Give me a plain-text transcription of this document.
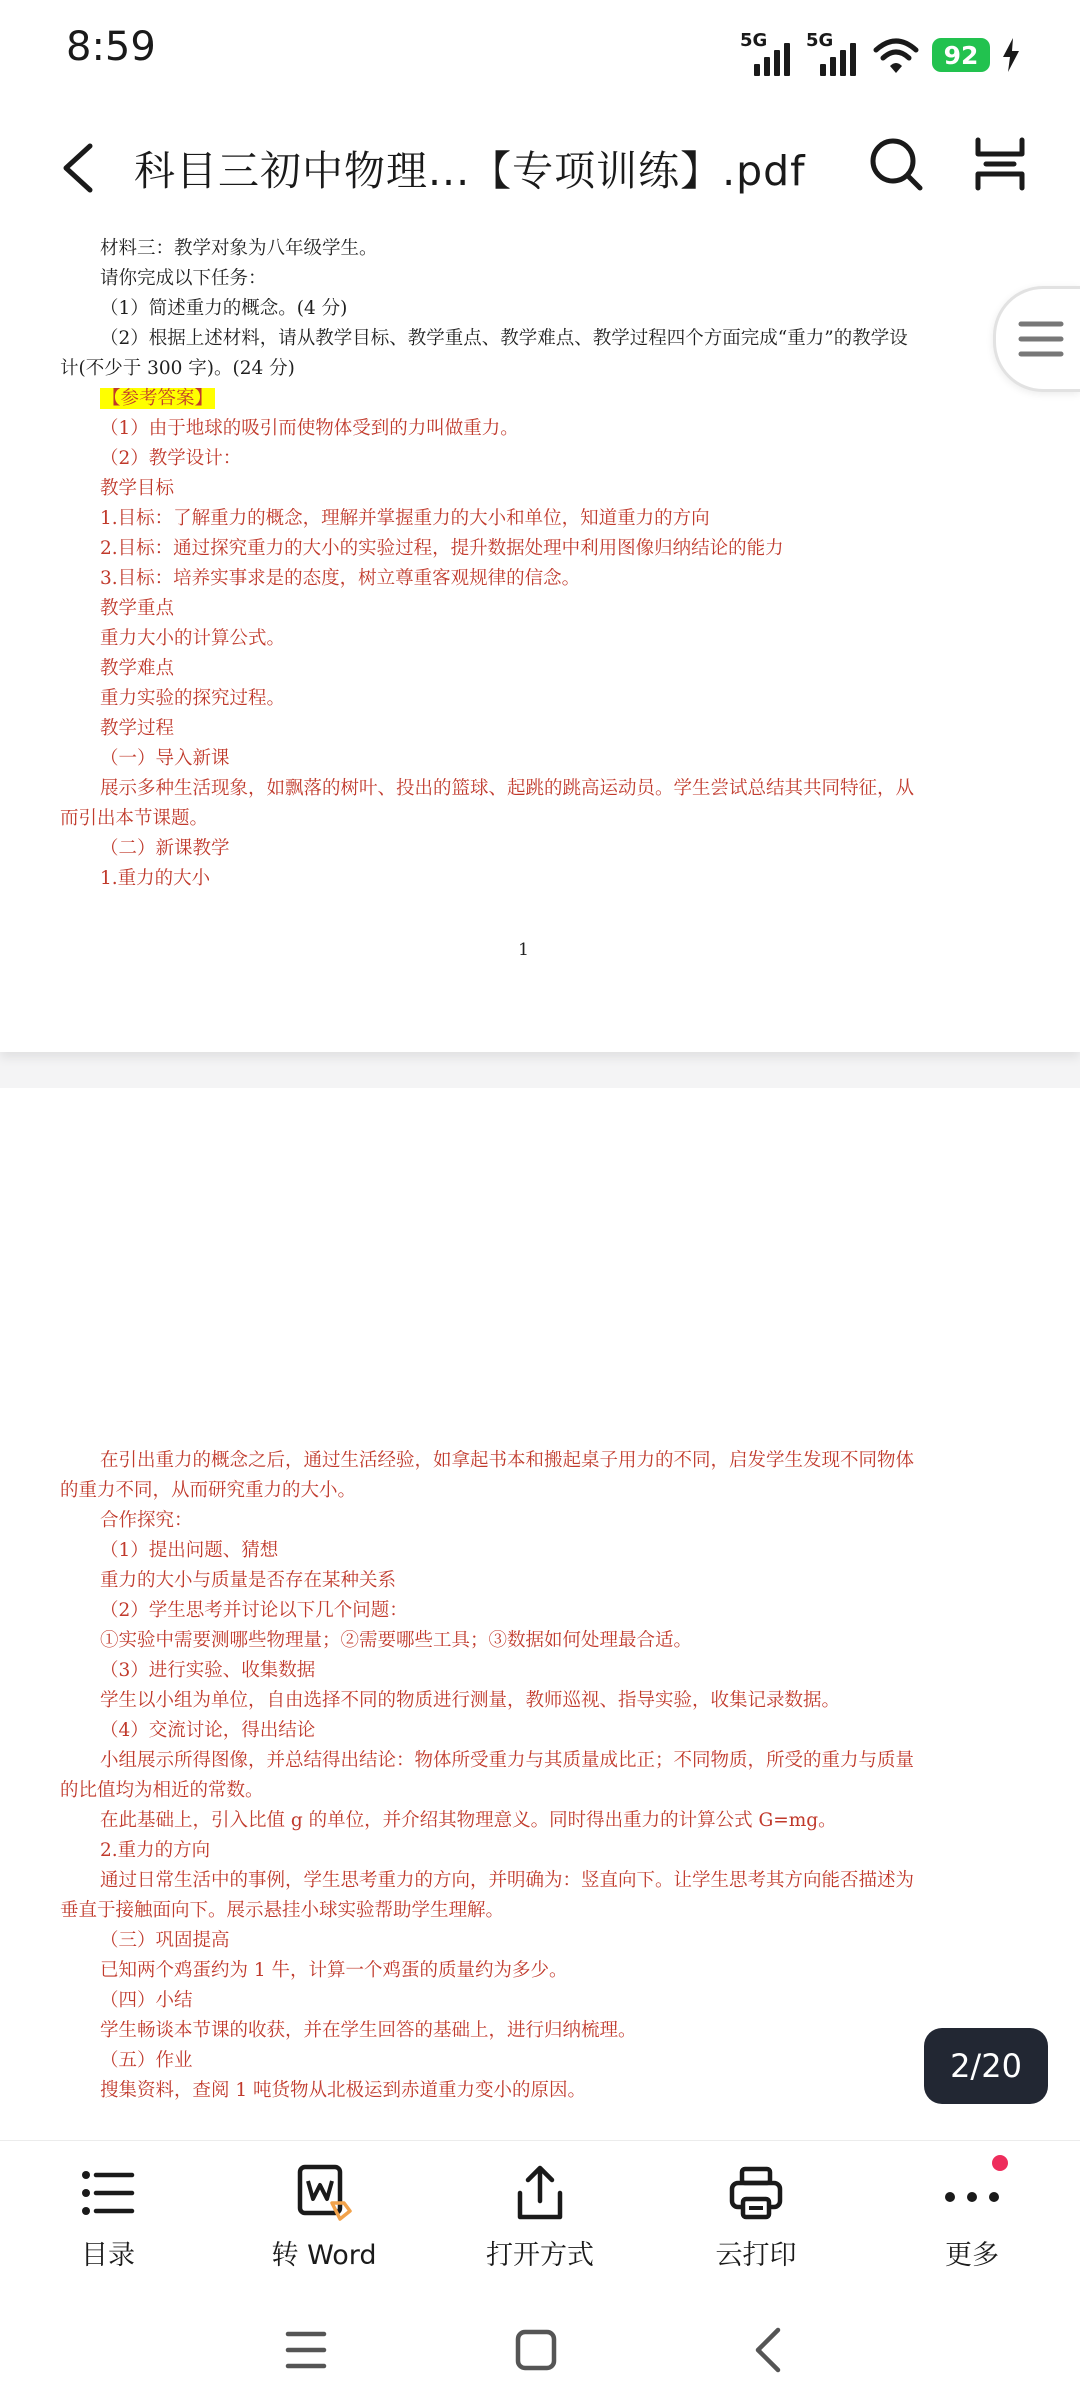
8:59	5G 5G	92
科目三初中物理...【专项训练】.pdf
材料三：教学对象为八年级学生。
请你完成以下任务：
（1）简述重力的概念。(4 分)
（2）根据上述材料，请从教学目标、教学重点、教学难点、教学过程四个方面完成“重力”的教学设
计(不少于 300 字)。(24 分)
【参考答案】
（1）由于地球的吸引而使物体受到的力叫做重力。
（2）教学设计：
教学目标
1.目标：了解重力的概念，理解并掌握重力的大小和单位，知道重力的方向
2.目标：通过探究重力的大小的实验过程，提升数据处理中利用图像归纳结论的能力
3.目标：培养实事求是的态度，树立尊重客观规律的信念。
教学重点
重力大小的计算公式。
教学难点
重力实验的探究过程。
教学过程
（一）导入新课
展示多种生活现象，如飘落的树叶、投出的篮球、起跳的跳高运动员。学生尝试总结其共同特征，从
而引出本节课题。
（二）新课教学
1.重力的大小
1
在引出重力的概念之后，通过生活经验，如拿起书本和搬起桌子用力的不同，启发学生发现不同物体
的重力不同，从而研究重力的大小。
合作探究：
（1）提出问题、猜想
重力的大小与质量是否存在某种关系
（2）学生思考并讨论以下几个问题：
①实验中需要测哪些物理量；②需要哪些工具；③数据如何处理最合适。
（3）进行实验、收集数据
学生以小组为单位，自由选择不同的物质进行测量，教师巡视、指导实验，收集记录数据。
（4）交流讨论，得出结论
小组展示所得图像，并总结得出结论：物体所受重力与其质量成比正；不同物质，所受的重力与质量
的比值均为相近的常数。
在此基础上，引入比值 g 的单位，并介绍其物理意义。同时得出重力的计算公式 G=mg。
2.重力的方向
通过日常生活中的事例，学生思考重力的方向，并明确为：竖直向下。让学生思考其方向能否描述为
垂直于接触面向下。展示悬挂小球实验帮助学生理解。
（三）巩固提高
已知两个鸡蛋约为 1 牛，计算一个鸡蛋的质量约为多少。
（四）小结
学生畅谈本节课的收获，并在学生回答的基础上，进行归纳梳理。
（五）作业
搜集资料，查阅 1 吨货物从北极运到赤道重力变小的原因。
2/20
目录	转 Word	打开方式	云打印	更多
